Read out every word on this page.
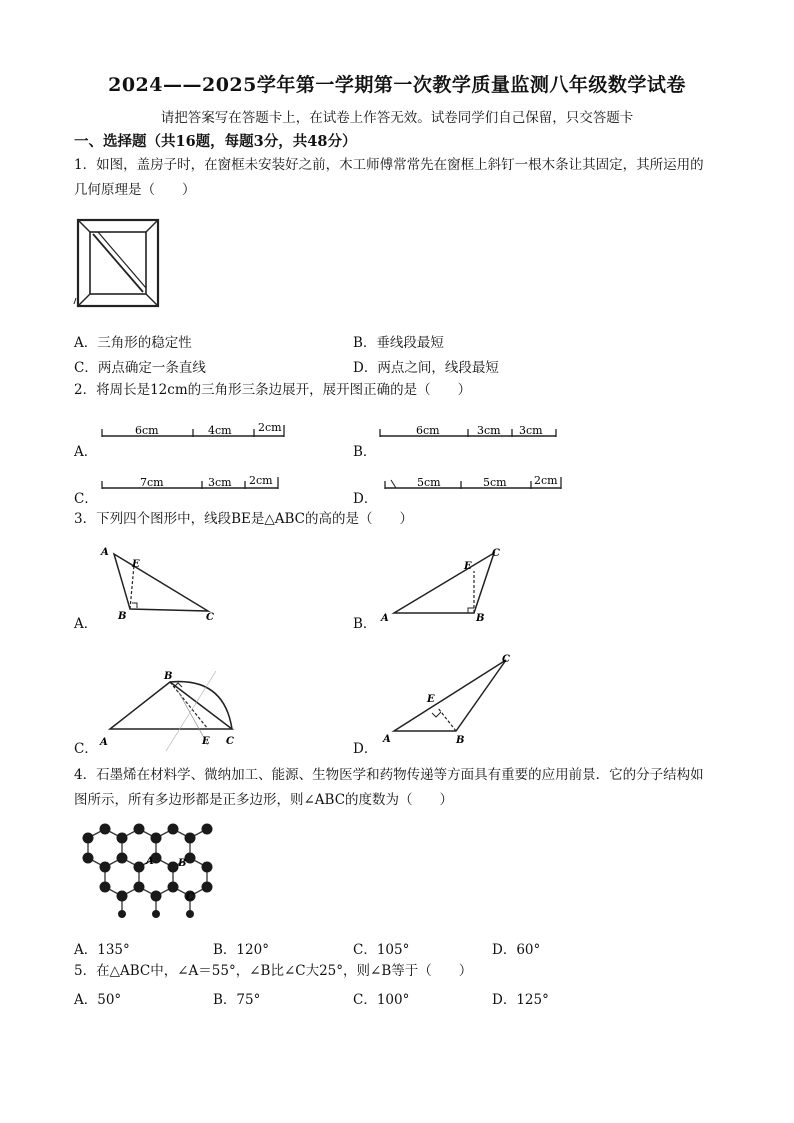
2024——2025学年第一学期第一次教学质量监测八年级数学试卷
请把答案写在答题卡上，在试卷上作答无效。试卷同学们自己保留，只交答题卡
一、选择题（共16题，每题3分，共48分）
1．如图，盖房子时，在窗框未安装好之前，木工师傅常常先在窗框上斜钉一根木条让其固定，其所运用的
几何原理是（　　）
A．三角形的稳定性	B．垂线段最短
C．两点确定一条直线	D．两点之间，线段最短
2．将周长是12cm的三角形三条边展开，展开图正确的是（　　）
A．
6cm	4cm 2cm
B．
6cm	3cm 3cm
C．
7cm	3cm 2cm
D．
5cm	5cm 2cm
3．下列四个图形中，线段BE是△ABC的高的是（　　）
A．
A
E
B	C	B． A
E
B
C
C． A
B
E C	D．
A
E
B
C
4．石墨烯在材料学、微纳加工、能源、生物医学和药物传递等方面具有重要的应用前景．它的分子结构如
图所示，所有多边形都是正多边形，则∠ABC的度数为（　　）
A B
C
A．135°	B．120°	C．105°	D．60°
5．在△ABC中，∠A＝55°，∠B比∠C大25°，则∠B等于（　　）
A．50°	B．75°	C．100°	D．125°
